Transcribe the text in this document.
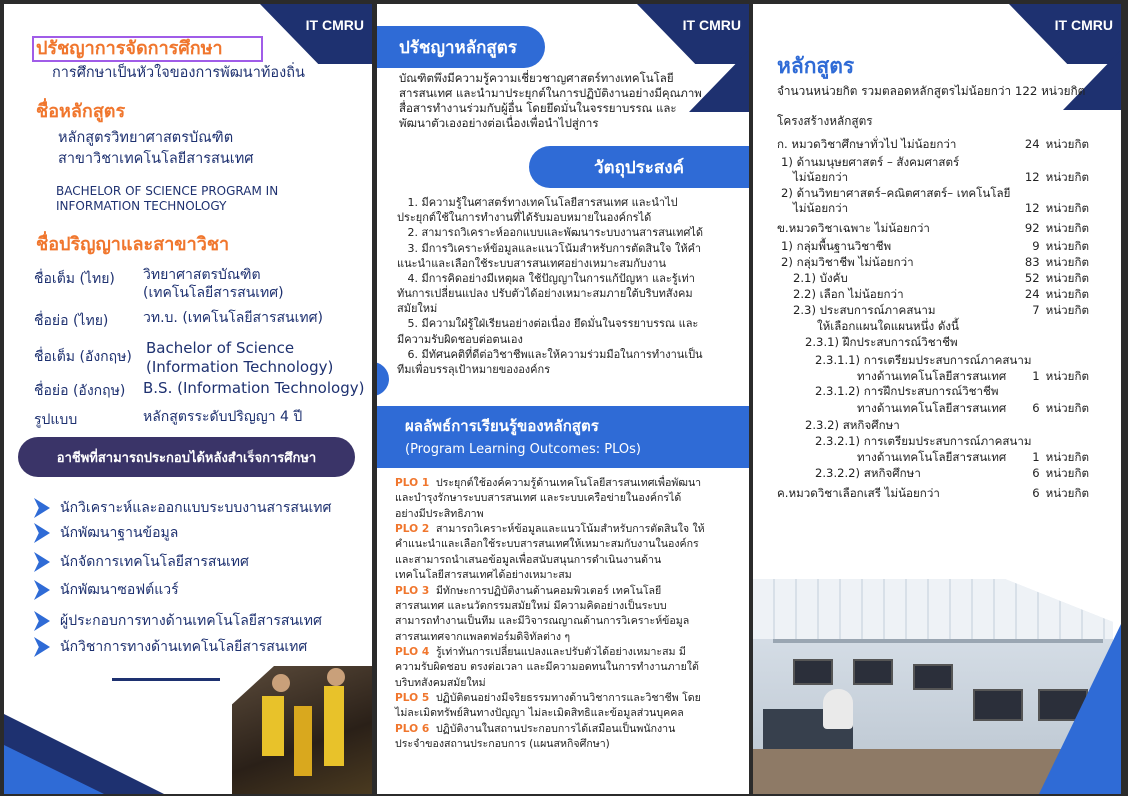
IT CMRU
ปรัชญาการจัดการศึกษา
การศึกษาเป็นหัวใจของการพัฒนาท้องถิ่น
ชื่อหลักสูตร
หลักสูตรวิทยาศาสตรบัณฑิต
สาขาวิชาเทคโนโลยีสารสนเทศ
BACHELOR OF SCIENCE PROGRAM IN
INFORMATION TECHNOLOGY
ชื่อปริญญาและสาขาวิชา
ชื่อเต็ม (ไทย) วิทยาศาสตรบัณฑิต
(เทคโนโลยีสารสนเทศ)
ชื่อย่อ (ไทย) วท.บ. (เทคโนโลยีสารสนเทศ)
ชื่อเต็ม (อังกฤษ) Bachelor of Science
(Information Technology)
ชื่อย่อ (อังกฤษ) B.S. (Information Technology)
รูปแบบ	หลักสูตรระดับปริญญา 4 ปี
อาชีพที่สามารถประกอบได้หลังสำเร็จการศึกษา
นักวิเคราะห์และออกแบบระบบงานสารสนเทศ
นักพัฒนาฐานข้อมูล
นักจัดการเทคโนโลยีสารสนเทศ
นักพัฒนาซอฟต์แวร์
ผู้ประกอบการทางด้านเทคโนโลยีสารสนเทศ
นักวิชาการทางด้านเทคโนโลยีสารสนเทศ
IT CMRU
ปรัชญาหลักสูตร
บัณฑิตพึงมีความรู้ความเชี่ยวชาญศาสตร์ทางเทคโนโลยี
สารสนเทศ และนำมาประยุกต์ในการปฏิบัติงานอย่างมีคุณภาพ
สื่อสารทำงานร่วมกับผู้อื่น โดยยึดมั่นในจรรยาบรรณ และ
พัฒนาตัวเองอย่างต่อเนื่องเพื่อนำไปสู่การ
วัตถุประสงค์
1. มีความรู้ในศาสตร์ทางเทคโนโลยีสารสนเทศ และนำไป
ประยุกต์ใช้ในการทำงานที่ได้รับมอบหมายในองค์กรได้
2. สามารถวิเคราะห์ออกแบบและพัฒนาระบบงานสารสนเทศได้
3. มีการวิเคราะห์ข้อมูลและแนวโน้มสำหรับการตัดสินใจ ให้คำ
แนะนำและเลือกใช้ระบบสารสนเทศอย่างเหมาะสมกับงาน
4. มีการคิดอย่างมีเหตุผล ใช้ปัญญาในการแก้ปัญหา และรู้เท่า
ทันการเปลี่ยนแปลง ปรับตัวได้อย่างเหมาะสมภายใต้บริบทสังคม
สมัยใหม่
5. มีความใฝ่รู้ใฝ่เรียนอย่างต่อเนื่อง ยึดมั่นในจรรยาบรรณ และ
มีความรับผิดชอบต่อตนเอง
6. มีทัศนคติที่ดีต่อวิชาชีพและให้ความร่วมมือในการทำงานเป็น
ทีมเพื่อบรรลุเป้าหมายขององค์กร
ผลลัพธ์การเรียนรู้ของหลักสูตร
(Program Learning Outcomes: PLOs)
PLO 1 ประยุกต์ใช้องค์ความรู้ด้านเทคโนโลยีสารสนเทศเพื่อพัฒนา
และบำรุงรักษาระบบสารสนเทศ และระบบเครือข่ายในองค์กรได้
อย่างมีประสิทธิภาพ
PLO 2 สามารถวิเคราะห์ข้อมูลและแนวโน้มสำหรับการตัดสินใจ ให้
คำแนะนำและเลือกใช้ระบบสารสนเทศให้เหมาะสมกับงานในองค์กร
และสามารถนำเสนอข้อมูลเพื่อสนับสนุนการดำเนินงานด้าน
เทคโนโลยีสารสนเทศได้อย่างเหมาะสม
PLO 3 มีทักษะการปฏิบัติงานด้านคอมพิวเตอร์ เทคโนโลยี
สารสนเทศ และนวัตกรรมสมัยใหม่ มีความคิดอย่างเป็นระบบ
สามารถทำงานเป็นทีม และมีวิจารณญาณด้านการวิเคราะห์ข้อมูล
สารสนเทศจากแพลตฟอร์มดิจิทัลต่าง ๆ
PLO 4 รู้เท่าทันการเปลี่ยนแปลงและปรับตัวได้อย่างเหมาะสม มี
ความรับผิดชอบ ตรงต่อเวลา และมีความอดทนในการทำงานภายใต้
บริบทสังคมสมัยใหม่
PLO 5 ปฏิบัติตนอย่างมีจริยธรรมทางด้านวิชาการและวิชาชีพ โดย
ไม่ละเมิดทรัพย์สินทางปัญญา ไม่ละเมิดสิทธิและข้อมูลส่วนบุคคล
PLO 6 ปฏิบัติงานในสถานประกอบการได้เสมือนเป็นพนักงาน
ประจำของสถานประกอบการ (แผนสหกิจศึกษา)
IT CMRU
หลักสูตร
จำนวนหน่วยกิต รวมตลอดหลักสูตรไม่น้อยกว่า 122 หน่วยกิต
โครงสร้างหลักสูตร
ก. หมวดวิชาศึกษาทั่วไป ไม่น้อยกว่า	24 หน่วยกิต
1) ด้านมนุษยศาสตร์ – สังคมศาสตร์
ไม่น้อยกว่า	12 หน่วยกิต
2) ด้านวิทยาศาสตร์–คณิตศาสตร์– เทคโนโลยี
ไม่น้อยกว่า	12 หน่วยกิต
ข.หมวดวิชาเฉพาะ ไม่น้อยกว่า	92 หน่วยกิต
1) กลุ่มพื้นฐานวิชาชีพ	9 หน่วยกิต
2) กลุ่มวิชาชีพ ไม่น้อยกว่า	83 หน่วยกิต
2.1) บังคับ	52 หน่วยกิต
2.2) เลือก ไม่น้อยกว่า	24 หน่วยกิต
2.3) ประสบการณ์ภาคสนาม	7 หน่วยกิต
ให้เลือกแผนใดแผนหนึ่ง ดังนี้
2.3.1) ฝึกประสบการณ์วิชาชีพ
2.3.1.1) การเตรียมประสบการณ์ภาคสนาม
ทางด้านเทคโนโลยีสารสนเทศ 1 หน่วยกิต
2.3.1.2) การฝึกประสบการณ์วิชาชีพ
ทางด้านเทคโนโลยีสารสนเทศ 6 หน่วยกิต
2.3.2) สหกิจศึกษา
2.3.2.1) การเตรียมประสบการณ์ภาคสนาม
ทางด้านเทคโนโลยีสารสนเทศ 1 หน่วยกิต
2.3.2.2) สหกิจศึกษา	6 หน่วยกิต
ค.หมวดวิชาเลือกเสรี ไม่น้อยกว่า	6 หน่วยกิต
